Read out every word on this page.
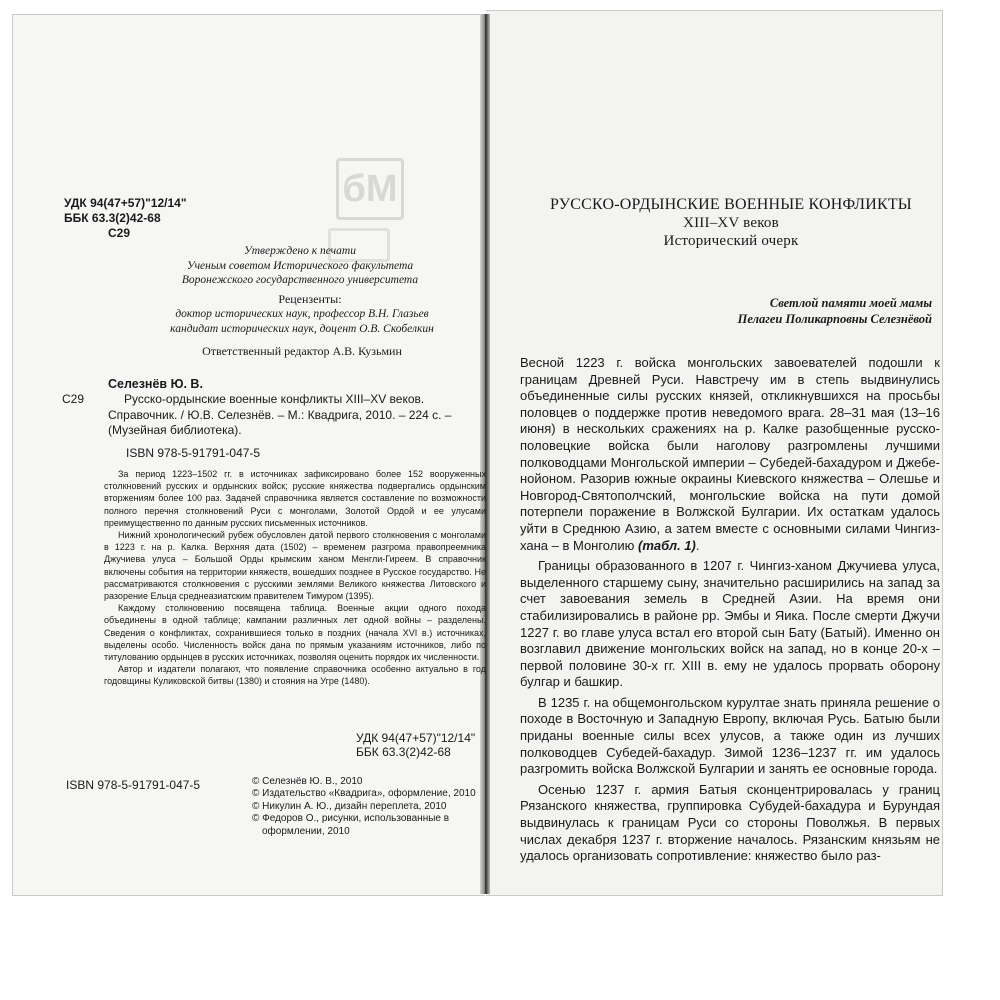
бМ
УДК 94(47+57)"12/14"
ББК 63.3(2)42-68
С29
Утверждено к печати
Ученым советом Исторического факультета
Воронежского государственного университета
Рецензенты:
доктор исторических наук, профессор В.Н. Глазьев
кандидат исторических наук, доцент О.В. Скобелкин
Ответственный редактор А.В. Кузьмин
Селезнёв Ю. В.
С29	Русско-ордынские военные конфликты XIII–XV веков. Справочник. / Ю.В. Селезнёв. – М.: Квадрига, 2010. – 224 с. – (Музейная библиотека).
ISBN 978-5-91791-047-5

За период 1223–1502 гг. в источниках зафиксировано более 152 вооруженных столкновений русских и ордынских войск; русские княжества подвергались ордынским вторжениям более 100 раз. Задачей справочника является составление по возможности полного перечня столкновений Руси с монголами, Золотой Ордой и ее улусами преимущественно по данным русских письменных источников.

Нижний хронологический рубеж обусловлен датой первого столкновения с монголами в 1223 г. на р. Калка. Верхняя дата (1502) – временем разгрома правопреемника Джучиева улуса – Большой Орды крымским ханом Менгли-Гиреем. В справочник включены события на территории княжеств, вошедших позднее в Русское государство. Не рассматриваются столкновения с русскими землями Великого княжества Литовского и разорение Ельца среднеазиатским правителем Тимуром (1395).

Каждому столкновению посвящена таблица. Военные акции одного похода объединены в одной таблице; кампании различных лет одной войны – разделены. Сведения о конфликтах, сохранившиеся только в поздних (начала XVI в.) источниках, выделены особо. Численность войск дана по прямым указаниям источников, либо по титулованию ордынцев в русских источниках, позволяя оценить порядок их численности.

Автор и издатели полагают, что появление справочника особенно актуально в год годовщины Куликовской битвы (1380) и стояния на Угре (1480).

УДК 94(47+57)"12/14"
ББК 63.3(2)42-68
ISBN 978-5-91791-047-5	© Селезнёв Ю. В., 2010
© Издательство «Квадрига», оформление, 2010
© Никулин А. Ю., дизайн переплета, 2010
© Федоров О., рисунки, использованные в оформлении, 2010
РУССКО-ОРДЫНСКИЕ ВОЕННЫЕ КОНФЛИКТЫ
XIII–XV веков
Исторический очерк
Светлой памяти моей мамы
Пелагеи Поликарповны Селезнёвой

Весной 1223 г. войска монгольских завоевателей подошли к границам Древней Руси. Навстречу им в степь выдвинулись объединенные силы русских князей, откликнувшихся на просьбы половцев о поддержке против неведомого врага. 28–31 мая (13–16 июня) в нескольких сражениях на р. Калке разобщенные русско-половецкие войска были наголову разгромлены лучшими полководцами Монгольской империи – Субедей-бахадуром и Джебе-нойоном. Разорив южные окраины Киевского княжества – Олешье и Новгород-Святополчский, монгольские войска на пути домой потерпели поражение в Волжской Булгарии. Их остаткам удалось уйти в Среднюю Азию, а затем вместе с основными силами Чингиз-хана – в Монголию (табл. 1).

Границы образованного в 1207 г. Чингиз-ханом Джучиева улуса, выделенного старшему сыну, значительно расширились на запад за счет завоевания земель в Средней Азии. На время они стабилизировались в районе рр. Эмбы и Яика. После смерти Джучи 1227 г. во главе улуса встал его второй сын Бату (Батый). Именно он возглавил движение монгольских войск на запад, но в конце 20-х – первой половине 30-х гг. XIII в. ему не удалось прорвать оборону булгар и башкир.

В 1235 г. на общемонгольском курултае знать приняла решение о походе в Восточную и Западную Европу, включая Русь. Батыю были приданы военные силы всех улусов, а также один из лучших полководцев Субедей-бахадур. Зимой 1236–1237 гг. им удалось разгромить войска Волжской Булгарии и занять ее основные города.

Осенью 1237 г. армия Батыя сконцентрировалась у границ Рязанского княжества, группировка Субудей-бахадура и Бурундая выдвинулась к границам Руси со стороны Поволжья. В первых числах декабря 1237 г. вторжение началось. Рязанским князьям не удалось организовать сопротивление: княжество было раз-
